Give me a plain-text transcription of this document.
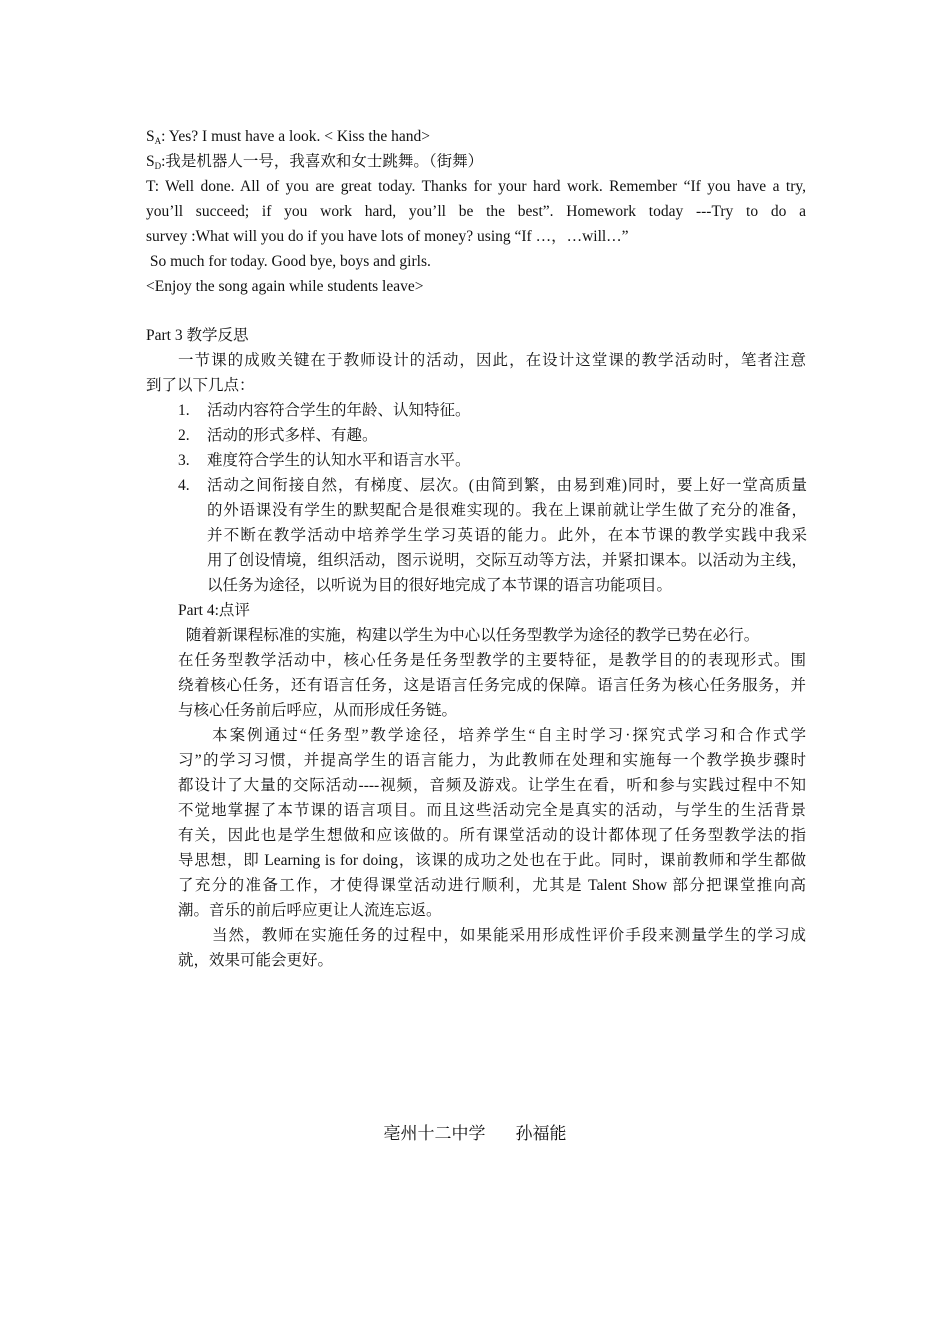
$S_A$: Yes? I must have a look. < Kiss the hand>
$S_D$:我是机器人一号，我喜欢和女士跳舞。（街舞）
T: Well done. All of you are great today. Thanks for your hard work. Remember “If you have a try,
you’ll succeed; if you work hard, you’ll be the best”. Homework today ---Try to do a
survey :What will you do if you have lots of money? using “If …，…will…”
So much for today. Good bye, boys and girls.
<Enjoy the song again while students leave>
Part 3 教学反思
一节课的成败关键在于教师设计的活动，因此，在设计这堂课的教学活动时，笔者注意
到了以下几点：
1. 活动内容符合学生的年龄、认知特征。
2. 活动的形式多样、有趣。
3. 难度符合学生的认知水平和语言水平。
4. 活动之间衔接自然，有梯度、层次。(由简到繁，由易到难)同时，要上好一堂高质量
的外语课没有学生的默契配合是很难实现的。我在上课前就让学生做了充分的准备，
并不断在教学活动中培养学生学习英语的能力。此外，在本节课的教学实践中我采
用了创设情境，组织活动，图示说明，交际互动等方法，并紧扣课本。以活动为主线，
以任务为途径，以听说为目的很好地完成了本节课的语言功能项目。
Part 4:点评
随着新课程标准的实施，构建以学生为中心以任务型教学为途径的教学已势在必行。
在任务型教学活动中，核心任务是任务型教学的主要特征，是教学目的的表现形式。围
绕着核心任务，还有语言任务，这是语言任务完成的保障。语言任务为核心任务服务，并
与核心任务前后呼应，从而形成任务链。
本案例通过“任务型”教学途径，培养学生“自主时学习·探究式学习和合作式学
习”的学习习惯，并提高学生的语言能力，为此教师在处理和实施每一个教学换步骤时
都设计了大量的交际活动----视频，音频及游戏。让学生在看，听和参与实践过程中不知
不觉地掌握了本节课的语言项目。而且这些活动完全是真实的活动，与学生的生活背景
有关，因此也是学生想做和应该做的。所有课堂活动的设计都体现了任务型教学法的指
导思想，即 Learning is for doing，该课的成功之处也在于此。同时，课前教师和学生都做
了充分的准备工作，才使得课堂活动进行顺利，尤其是 Talent Show 部分把课堂推向高
潮。音乐的前后呼应更让人流连忘返。
当然，教师在实施任务的过程中，如果能采用形成性评价手段来测量学生的学习成
就，效果可能会更好。
亳州十二中学 孙福能
